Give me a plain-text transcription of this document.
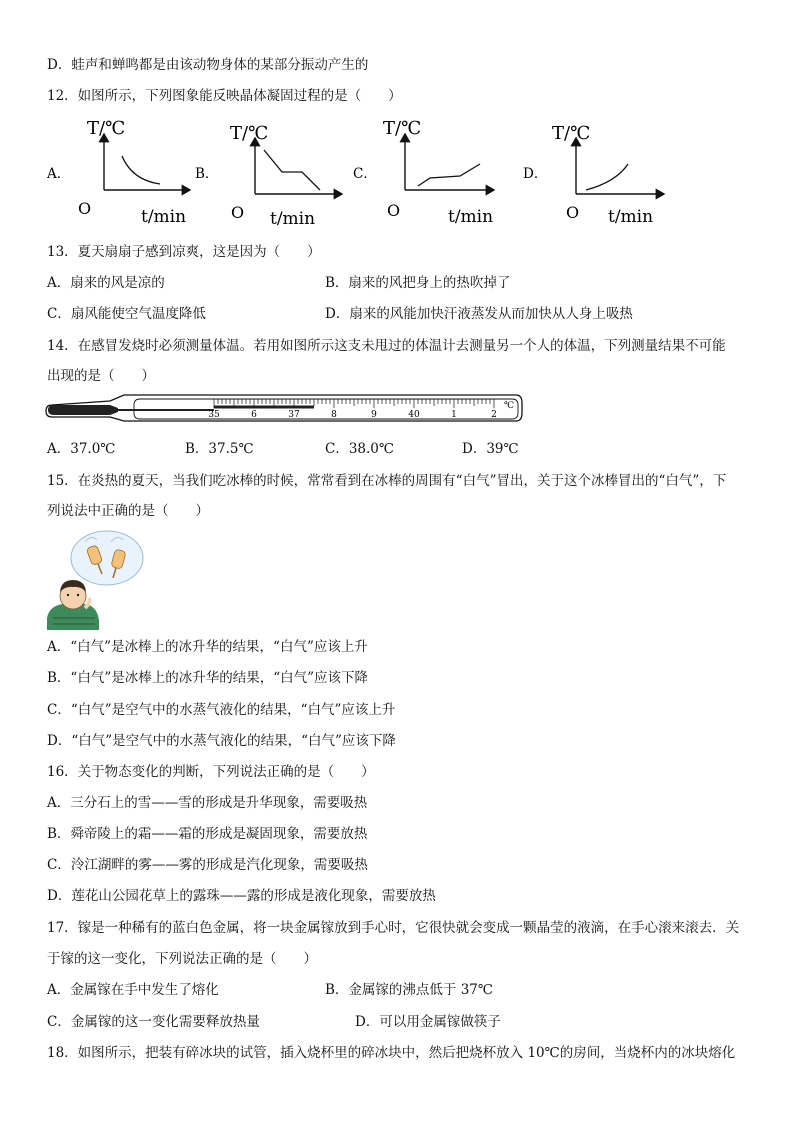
D．蛙声和蝉鸣都是由该动物身体的某部分振动产生的
12．如图所示，下列图象能反映晶体凝固过程的是（　　）
A．
T/℃
O	t/min
B．
T/℃
O t/min
C．
T/℃
O	t/min
D．
T/℃
O t/min
13．夏天扇扇子感到凉爽，这是因为（　　）
A．扇来的风是凉的	B．扇来的风把身上的热吹掉了
C．扇风能使空气温度降低	D．扇来的风能加快汗液蒸发从而加快从人身上吸热
14．在感冒发烧时必须测量体温。若用如图所示这支未甩过的体温计去测量另一个人的体温，下列测量结果不可能
出现的是（　　）
35	6	37	8	9	40	1	2
℃
A．37.0℃	B．37.5℃	C．38.0℃	D．39℃
15．在炎热的夏天，当我们吃冰棒的时候，常常看到在冰棒的周围有“白气”冒出，关于这个冰棒冒出的“白气”，下
列说法中正确的是（　　）
A．“白气”是冰棒上的冰升华的结果，“白气”应该上升
B．“白气”是冰棒上的冰升华的结果，“白气”应该下降
C．“白气”是空气中的水蒸气液化的结果，“白气”应该上升
D．“白气”是空气中的水蒸气液化的结果，“白气”应该下降
16．关于物态变化的判断，下列说法正确的是（　　）
A．三分石上的雪——雪的形成是升华现象，需要吸热
B．舜帝陵上的霜——霜的形成是凝固现象，需要放热
C．泠江湖畔的雾——雾的形成是汽化现象，需要吸热
D．莲花山公园花草上的露珠——露的形成是液化现象，需要放热
17．镓是一种稀有的蓝白色金属，将一块金属镓放到手心时，它很快就会变成一颗晶莹的液滴，在手心滚来滚去．关
于镓的这一变化，下列说法正确的是（　　）
A．金属镓在手中发生了熔化	B．金属镓的沸点低于 37℃
C．金属镓的这一变化需要释放热量	D．可以用金属镓做筷子
18．如图所示，把装有碎冰块的试管，插入烧杯里的碎冰块中，然后把烧杯放入 10℃的房间，当烧杯内的冰块熔化
